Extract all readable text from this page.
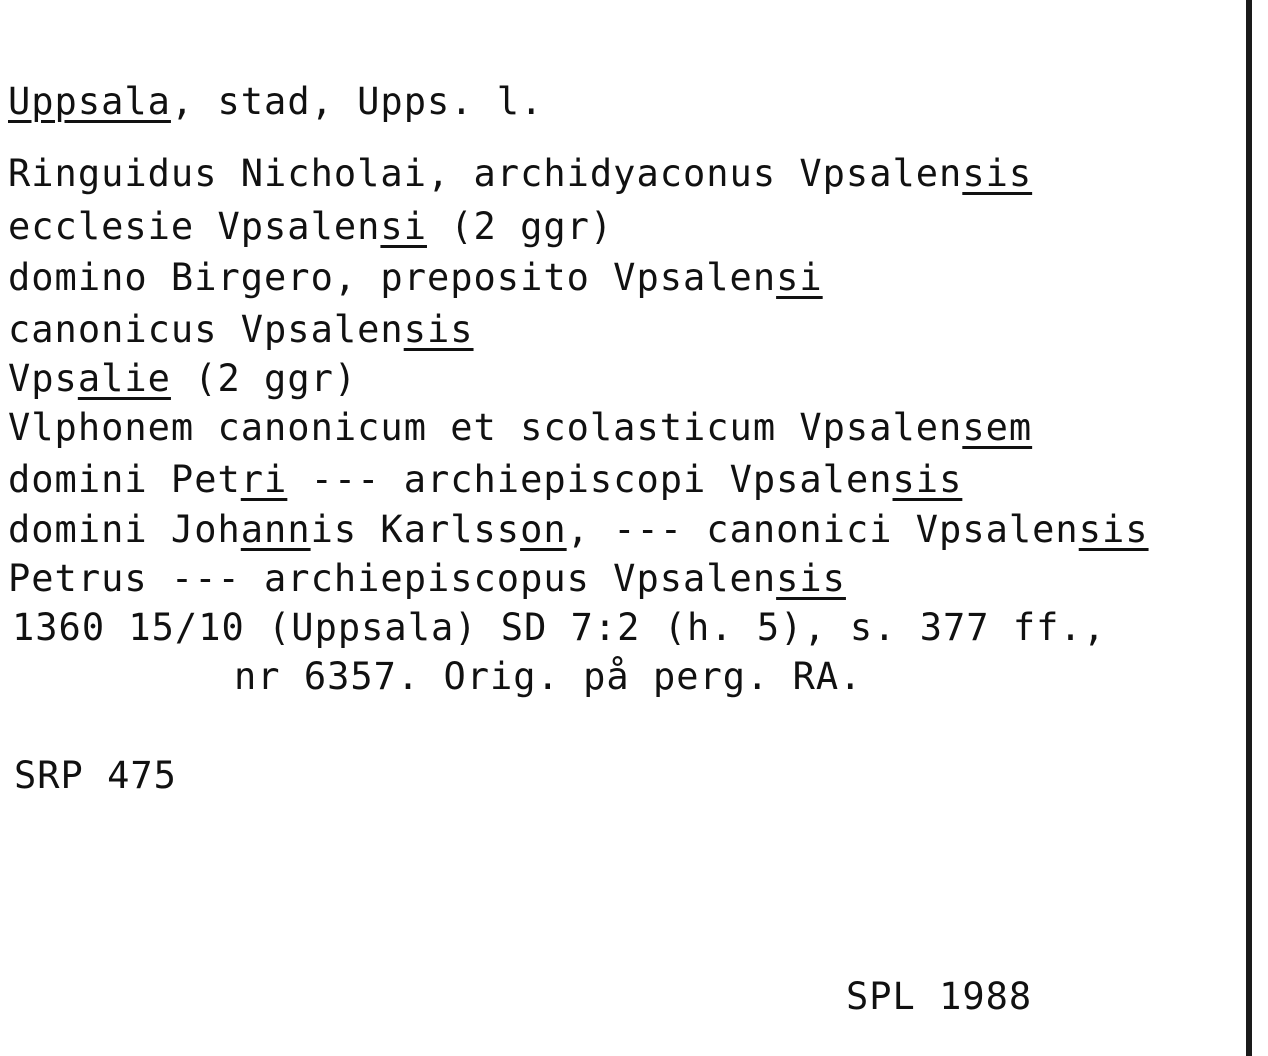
Uppsala, stad, Upps. l.

Ringuidus Nicholai, archidyaconus Vpsalensis

ecclesie Vpsalensi (2 ggr)

domino Birgero, preposito Vpsalensi

canonicus Vpsalensis

Vpsalie (2 ggr)

Vlphonem canonicum et scolasticum Vpsalensem

domini Petri --- archiepiscopi Vpsalensis

domini Johannis Karlsson, --- canonici Vpsalensis

Petrus --- archiepiscopus Vpsalensis

1360 15/10 (Uppsala) SD 7:2 (h. 5), s. 377 ff.,

nr 6357. Orig. på perg. RA.

SRP 475

SPL 1988
